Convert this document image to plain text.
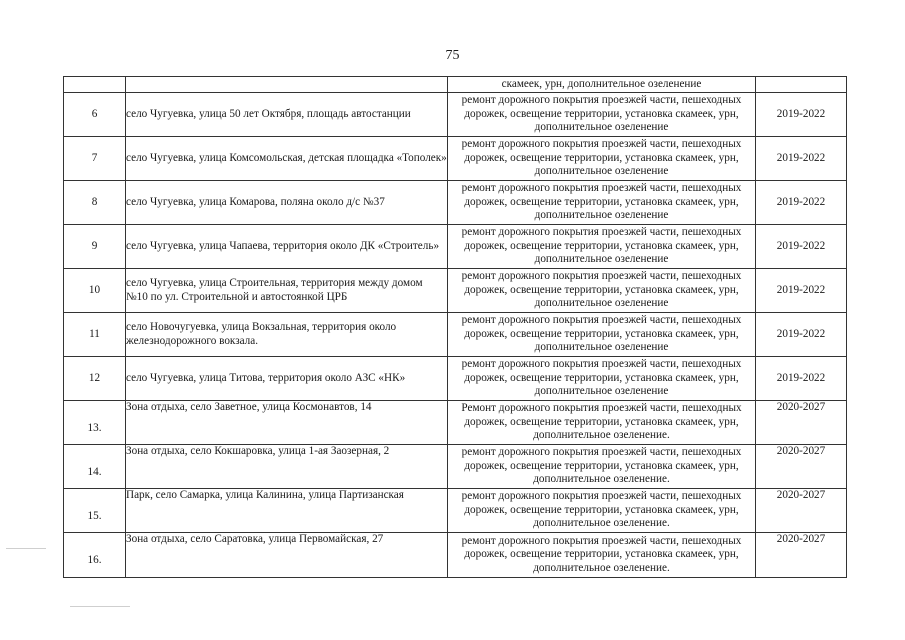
75
		скамеек, урн, дополнительное озеленение	
6	село Чугуевка, улица 50 лет Октября, площадь автостанции	ремонт дорожного покрытия проезжей части, пешеходных дорожек, освещение территории, установка скамеек, урн, дополнительное озеленение	2019-2022
7	село Чугуевка, улица Комсомольская, детская площадка «Тополек»	ремонт дорожного покрытия проезжей части, пешеходных дорожек, освещение территории, установка скамеек, урн, дополнительное озеленение	2019-2022
8	село Чугуевка, улица Комарова, поляна около д/с №37	ремонт дорожного покрытия проезжей части, пешеходных дорожек, освещение территории, установка скамеек, урн, дополнительное озеленение	2019-2022
9	село Чугуевка, улица Чапаева, территория около ДК «Строитель»	ремонт дорожного покрытия проезжей части, пешеходных дорожек, освещение территории, установка скамеек, урн, дополнительное озеленение	2019-2022
10	село Чугуевка, улица Строительная, территория между домом №10 по ул. Строительной и автостоянкой ЦРБ	ремонт дорожного покрытия проезжей части, пешеходных дорожек, освещение территории, установка скамеек, урн, дополнительное озеленение	2019-2022
11	село Новочугуевка, улица Вокзальная, территория около железнодорожного вокзала.	ремонт дорожного покрытия проезжей части, пешеходных дорожек, освещение территории, установка скамеек, урн, дополнительное озеленение	2019-2022
12	село Чугуевка, улица Титова, территория около АЗС «НК»	ремонт дорожного покрытия проезжей части, пешеходных дорожек, освещение территории, установка скамеек, урн, дополнительное озеленение	2019-2022
13.	Зона отдыха, село Заветное, улица Космонавтов, 14	Ремонт дорожного покрытия проезжей части, пешеходных дорожек, освещение территории, установка скамеек, урн, дополнительное озеленение.	2020-2027
14.	Зона отдыха, село Кокшаровка, улица 1-ая Заозерная, 2	ремонт дорожного покрытия проезжей части, пешеходных дорожек, освещение территории, установка скамеек, урн, дополнительное озеленение.	2020-2027
15.	Парк, село Самарка, улица Калинина, улица Партизанская	ремонт дорожного покрытия проезжей части, пешеходных дорожек, освещение территории, установка скамеек, урн, дополнительное озеленение.	2020-2027
16.	Зона отдыха, село Саратовка, улица Первомайская, 27	ремонт дорожного покрытия проезжей части, пешеходных дорожек, освещение территории, установка скамеек, урн, дополнительное озеленение.	2020-2027
